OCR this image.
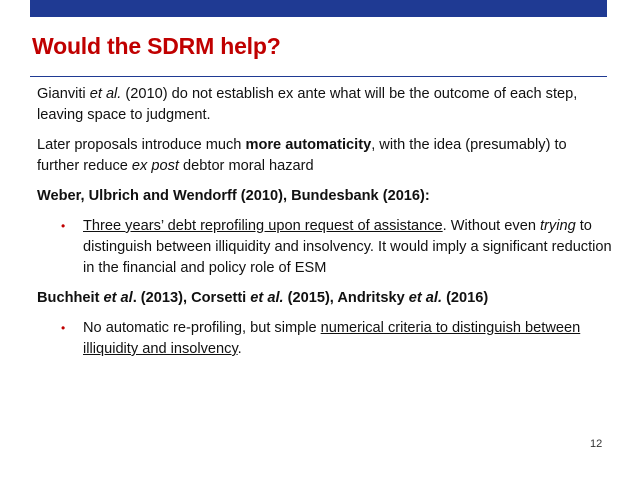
Would the SDRM help?

Gianviti et al. (2010) do not establish ex ante what will be the outcome of each step, leaving space to judgment.

Later proposals introduce much more automaticity, with the idea (presumably) to further reduce ex post debtor moral hazard

Weber, Ulbrich and Wendorff (2010), Bundesbank (2016):

• Three years’ debt reprofiling upon request of assistance. Without even trying to distinguish between illiquidity and insolvency. It would imply a significant reduction in the financial and policy role of ESM

Buchheit et al. (2013), Corsetti et al. (2015), Andritsky et al. (2016)

• No automatic re-profiling, but simple numerical criteria to distinguish between illiquidity and insolvency.
12
